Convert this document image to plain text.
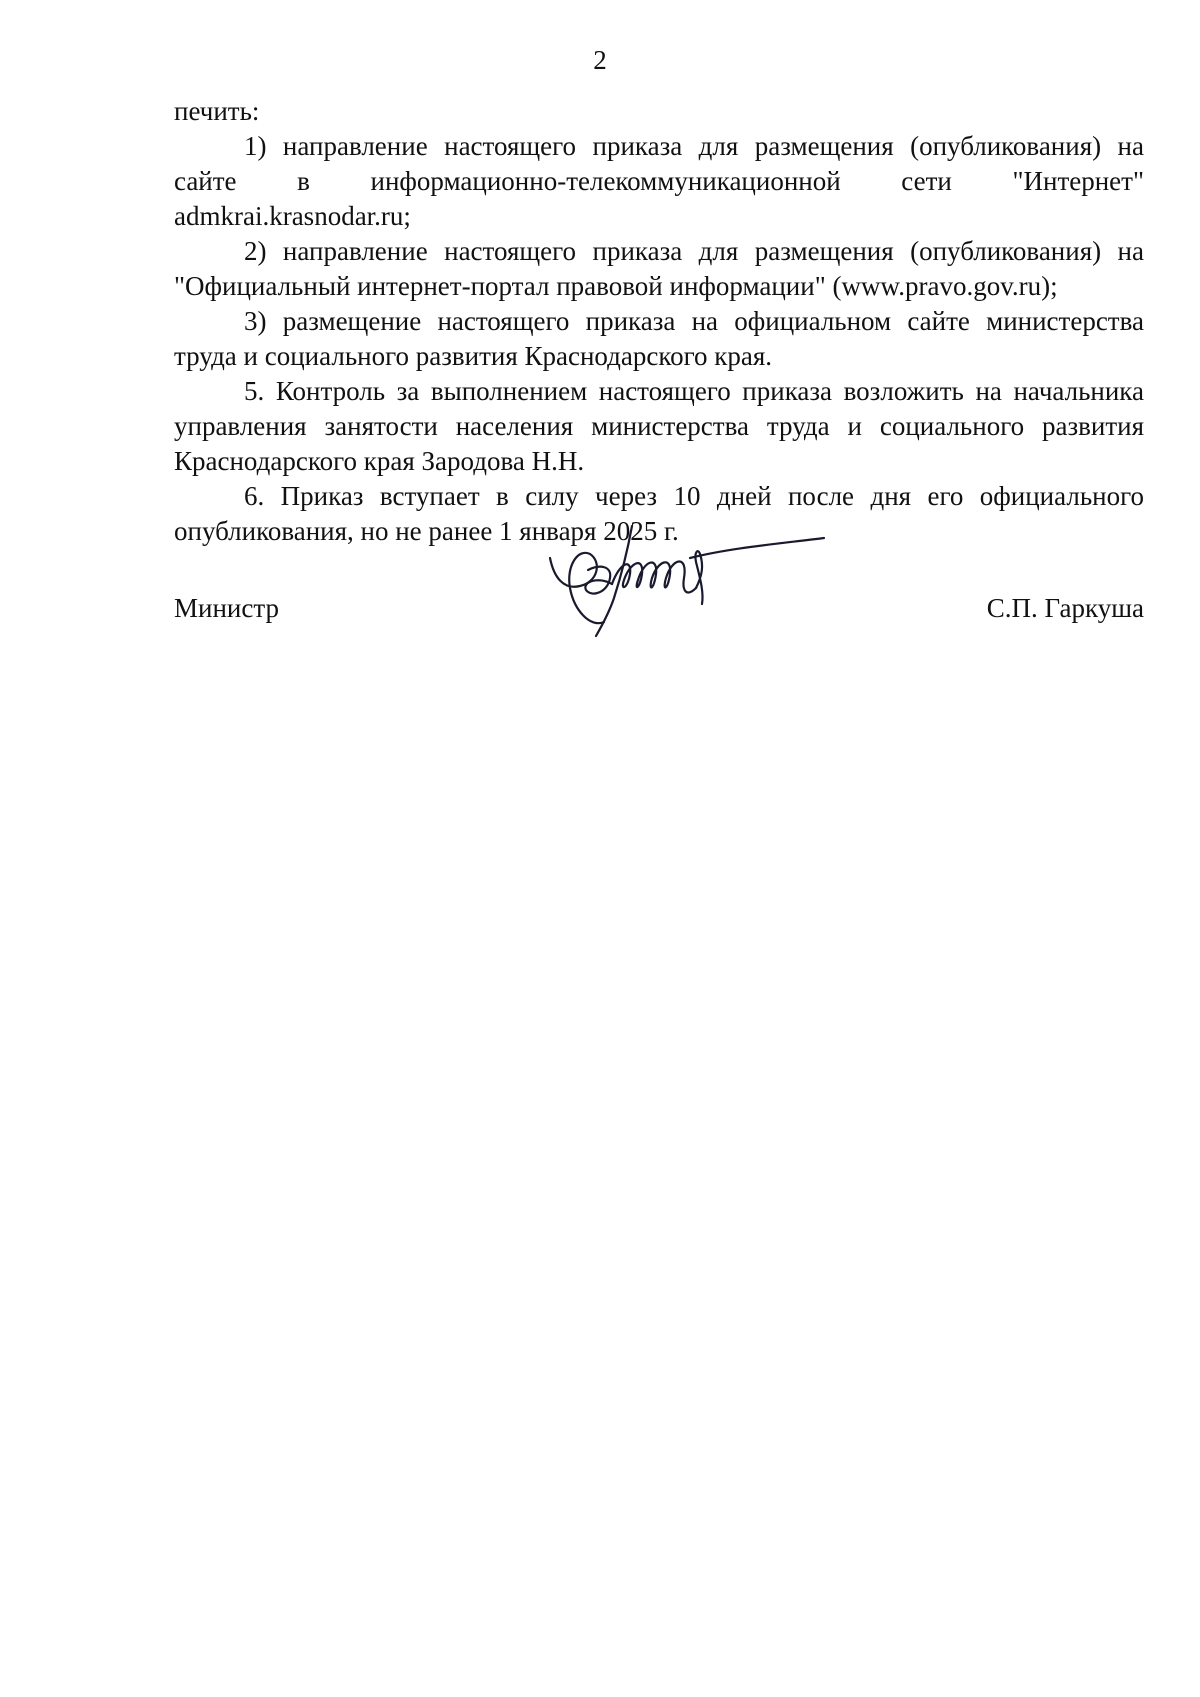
2

печить:

1) направление настоящего приказа для размещения (опубликования) на сайте в информационно-телекоммуникационной сети "Интернет" admkrai.krasnodar.ru;

2) направление настоящего приказа для размещения (опубликования) на "Официальный интернет-портал правовой информации" (www.pravo.gov.ru);

3) размещение настоящего приказа на официальном сайте министерства труда и социального развития Краснодарского края.

5. Контроль за выполнением настоящего приказа возложить на начальника управления занятости населения министерства труда и социального развития Краснодарского края Зародова Н.Н.

6. Приказ вступает в силу через 10 дней после дня его официального опубликования, но не ранее 1 января 2025 г.

Министр	С.П. Гаркуша
